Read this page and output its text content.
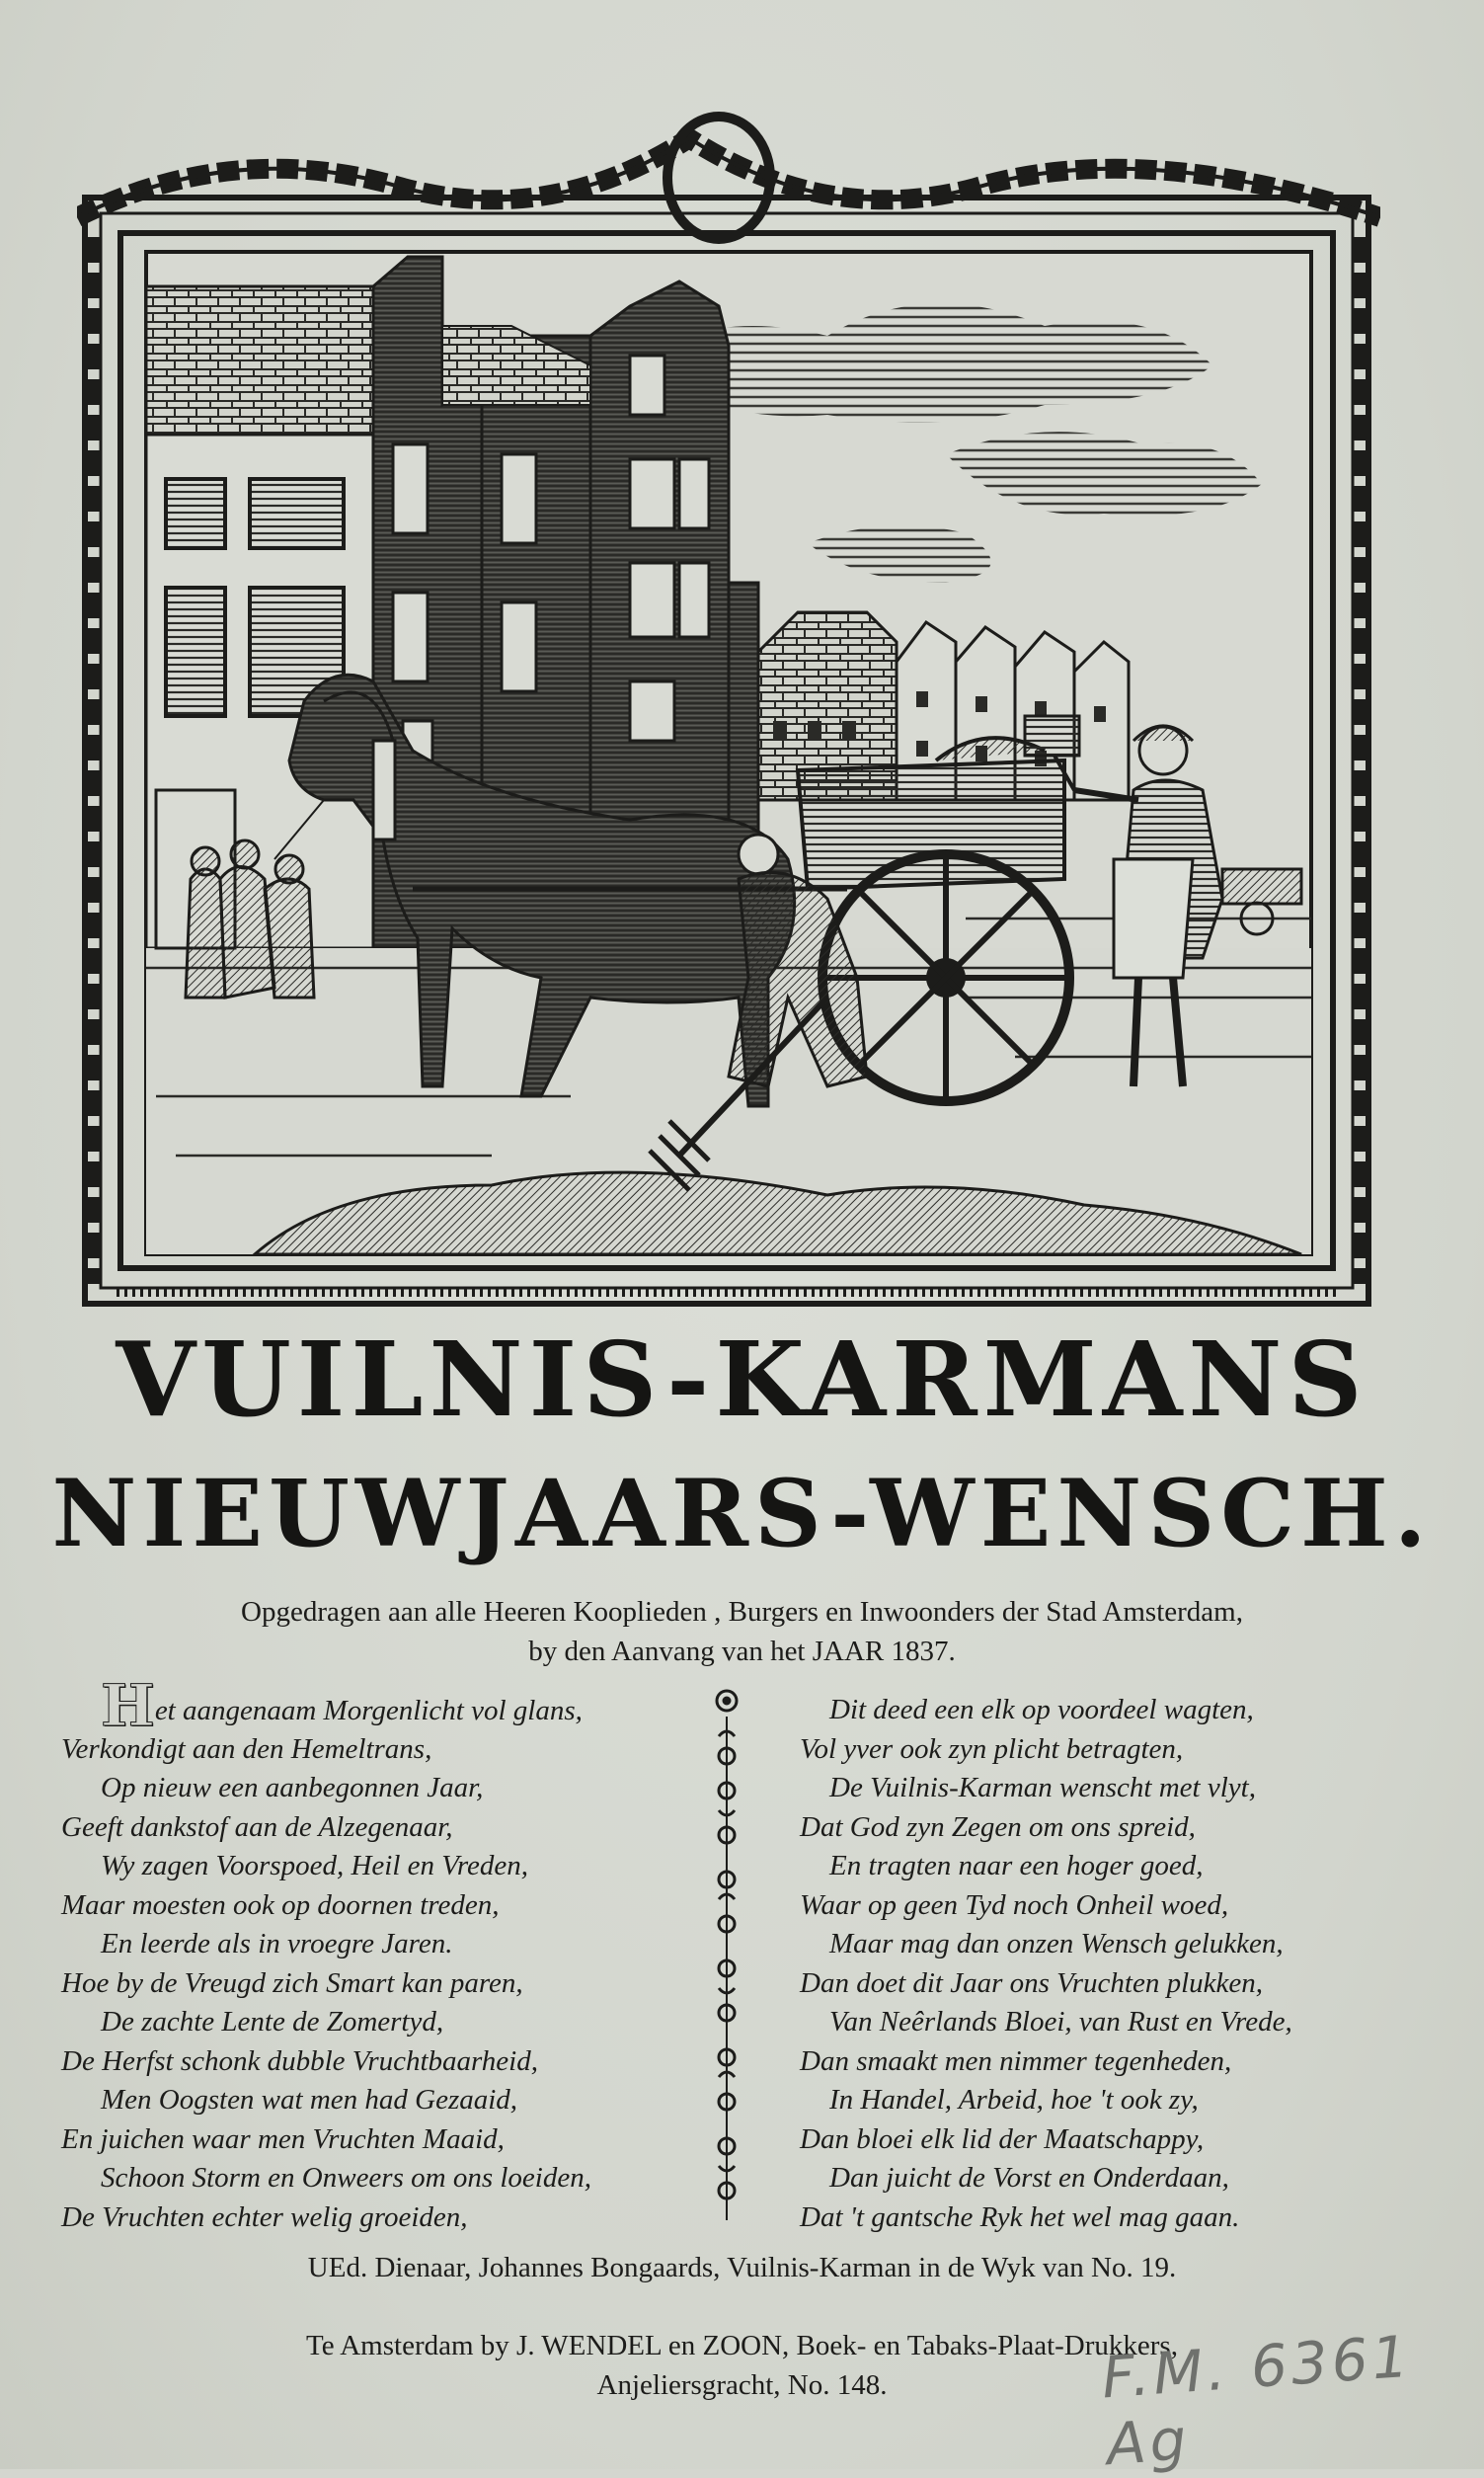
VUILNIS-KARMANS
NIEUWJAARS-WENSCH.
Opgedragen aan alle Heeren Kooplieden , Burgers en Inwoonders der Stad Amsterdam,
by den Aanvang van het JAAR 1837.
Het aangenaam Morgenlicht vol glans,
Verkondigt aan den Hemeltrans,
Op nieuw een aanbegonnen Jaar,
Geeft dankstof aan de Alzegenaar,
Wy zagen Voorspoed, Heil en Vreden,
Maar moesten ook op doornen treden,
En leerde als in vroegre Jaren.
Hoe by de Vreugd zich Smart kan paren,
De zachte Lente de Zomertyd,
De Herfst schonk dubble Vruchtbaarheid,
Men Oogsten wat men had Gezaaid,
En juichen waar men Vruchten Maaid,
Schoon Storm en Onweers om ons loeiden,
De Vruchten echter welig groeiden,
Dit deed een elk op voordeel wagten,
Vol yver ook zyn plicht betragten,
De Vuilnis-Karman wenscht met vlyt,
Dat God zyn Zegen om ons spreid,
En tragten naar een hoger goed,
Waar op geen Tyd noch Onheil woed,
Maar mag dan onzen Wensch gelukken,
Dan doet dit Jaar ons Vruchten plukken,
Van Neêrlands Bloei, van Rust en Vrede,
Dan smaakt men nimmer tegenheden,
In Handel, Arbeid, hoe 't ook zy,
Dan bloei elk lid der Maatschappy,
Dan juicht de Vorst en Onderdaan,
Dat 't gantsche Ryk het wel mag gaan.
UEd. Dienaar, Johannes Bongaards, Vuilnis-Karman in de Wyk van No. 19.
Te Amsterdam by J. WENDEL en ZOON, Boek- en Tabaks-Plaat-Drukkers,
Anjeliersgracht, No. 148.	F.M. 6361 Ag
